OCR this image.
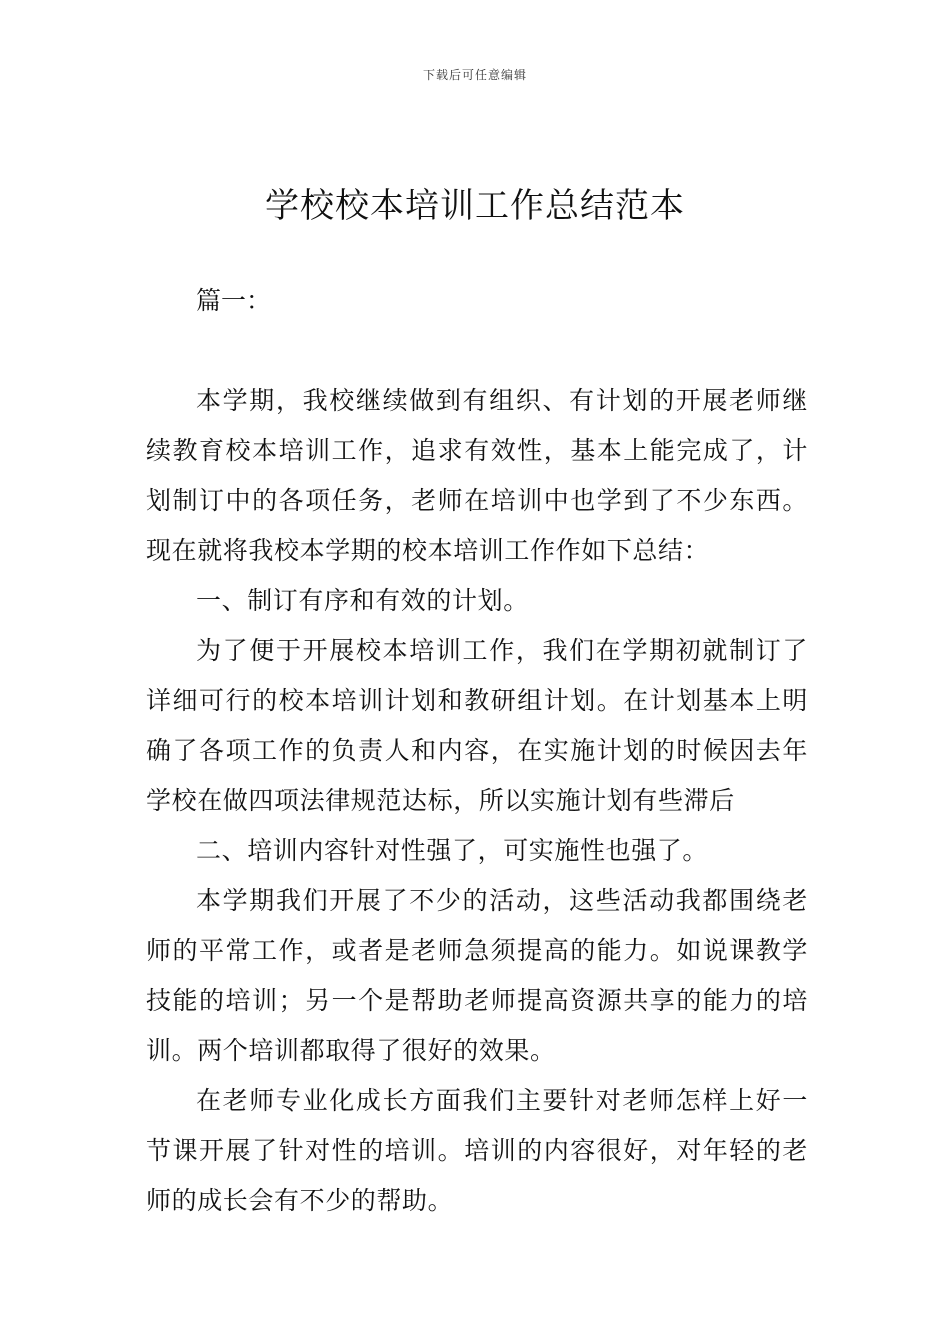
下载后可任意编辑
学校校本培训工作总结范本
篇一：

本学期，我校继续做到有组织、有计划的开展老师继续教育校本培训工作，追求有效性，基本上能完成了，计划制订中的各项任务，老师在培训中也学到了不少东西。现在就将我校本学期的校本培训工作作如下总结：

一、制订有序和有效的计划。

为了便于开展校本培训工作，我们在学期初就制订了详细可行的校本培训计划和教研组计划。在计划基本上明确了各项工作的负责人和内容，在实施计划的时候因去年学校在做四项法律规范达标，所以实施计划有些滞后

二、培训内容针对性强了，可实施性也强了。

本学期我们开展了不少的活动，这些活动我都围绕老师的平常工作，或者是老师急须提高的能力。如说课教学技能的培训；另一个是帮助老师提高资源共享的能力的培训。两个培训都取得了很好的效果。

在老师专业化成长方面我们主要针对老师怎样上好一节课开展了针对性的培训。培训的内容很好，对年轻的老师的成长会有不少的帮助。
